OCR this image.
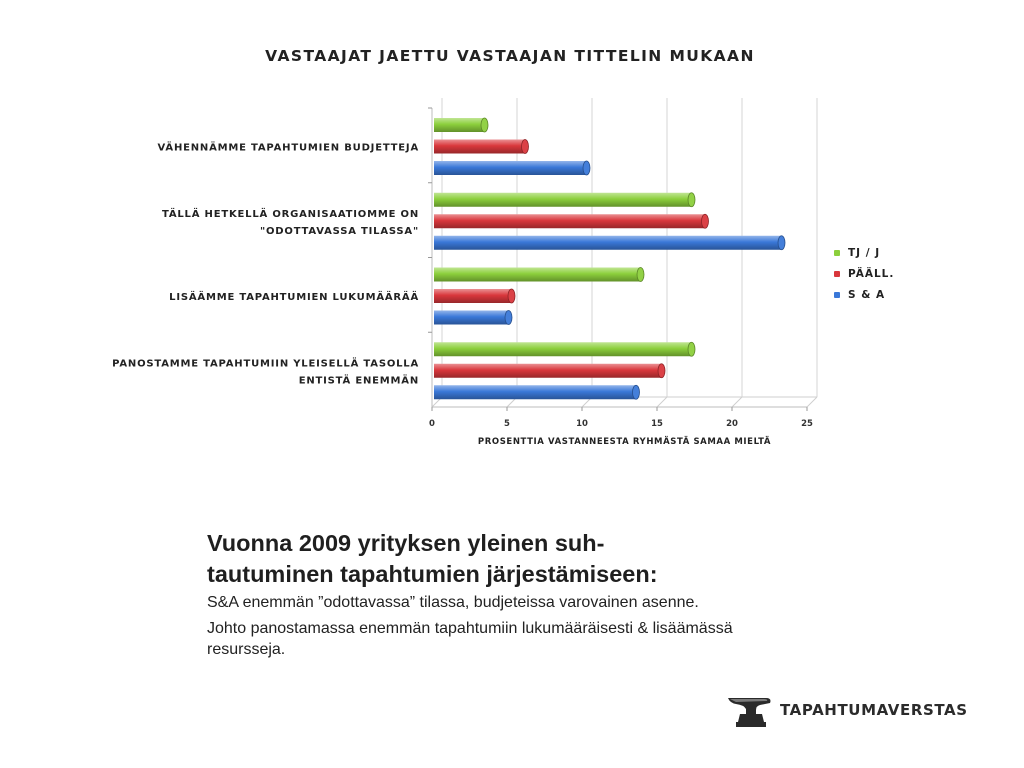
VASTAAJAT JAETTU VASTAAJAN TITTELIN MUKAAN
0	5	10	15	20	25
PROSENTTIA VASTANNEESTA RYHMÄSTÄ SAMAA MIELTÄ
VÄHENNÄMME TAPAHTUMIEN BUDJETTEJA
TÄLLÄ HETKELLÄ ORGANISAATIOMME ON
"ODOTTAVASSA TILASSA"
LISÄÄMME TAPAHTUMIEN LUKUMÄÄRÄÄ
PANOSTAMME TAPAHTUMIIN YLEISELLÄ TASOLLA
ENTISTÄ ENEMMÄN
TJ / J
PÄÄLL.
S & A
Vuonna 2009 yrityksen yleinen suh-
tautuminen tapahtumien järjestämiseen:

S&A enemmän ”odottavassa” tilassa, budjeteissa varovainen asenne.

Johto panostamassa enemmän tapahtumiin lukumääräisesti & lisäämässä resursseja.

TAPAHTUMAVERSTAS
